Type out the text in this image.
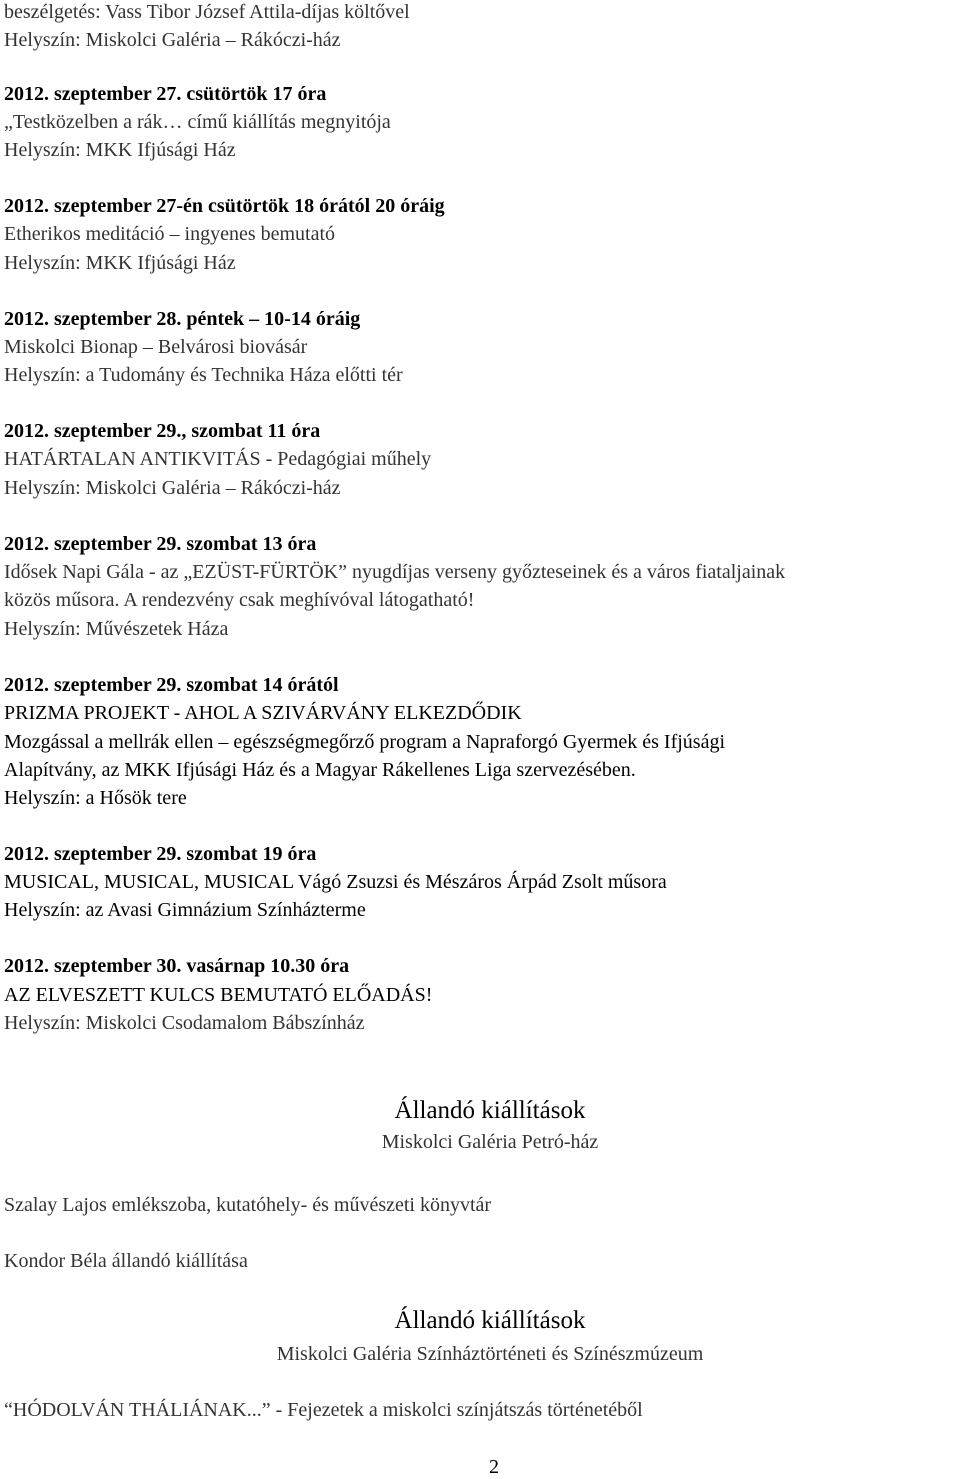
beszélgetés: Vass Tibor József Attila-díjas költővel

Helyszín: Miskolci Galéria – Rákóczi-ház

2012. szeptember 27. csütörtök 17 óra

„Testközelben a rák… című kiállítás megnyitója

Helyszín: MKK Ifjúsági Ház

2012. szeptember 27-én csütörtök 18 órától 20 óráig

Etherikos meditáció – ingyenes bemutató

Helyszín: MKK Ifjúsági Ház

2012. szeptember 28. péntek – 10-14 óráig

Miskolci Bionap – Belvárosi biovásár

Helyszín: a Tudomány és Technika Háza előtti tér

2012. szeptember 29., szombat 11 óra

HATÁRTALAN ANTIKVITÁS - Pedagógiai műhely

Helyszín: Miskolci Galéria – Rákóczi-ház

2012. szeptember 29. szombat 13 óra

Idősek Napi Gála - az „EZÜST-FÜRTÖK” nyugdíjas verseny győzteseinek és a város fiataljainak

közös műsora. A rendezvény csak meghívóval látogatható!

Helyszín: Művészetek Háza

2012. szeptember 29. szombat 14 órától

PRIZMA PROJEKT - AHOL A SZIVÁRVÁNY ELKEZDŐDIK

Mozgással a mellrák ellen – egészségmegőrző program a Napraforgó Gyermek és Ifjúsági

Alapítvány, az MKK Ifjúsági Ház és a Magyar Rákellenes Liga szervezésében.

Helyszín: a Hősök tere

2012. szeptember 29. szombat 19 óra

MUSICAL, MUSICAL, MUSICAL Vágó Zsuzsi és Mészáros Árpád Zsolt műsora

Helyszín: az Avasi Gimnázium Színházterme

2012. szeptember 30. vasárnap 10.30 óra

AZ ELVESZETT KULCS BEMUTATÓ ELŐADÁS!

Helyszín: Miskolci Csodamalom Bábszínház

Állandó kiállítások

Miskolci Galéria Petró-ház

Szalay Lajos emlékszoba, kutatóhely- és művészeti könyvtár

Kondor Béla állandó kiállítása

Állandó kiállítások

Miskolci Galéria Színháztörténeti és Színészmúzeum

“HÓDOLVÁN THÁLIÁNAK...” - Fejezetek a miskolci színjátszás történetéből

2
